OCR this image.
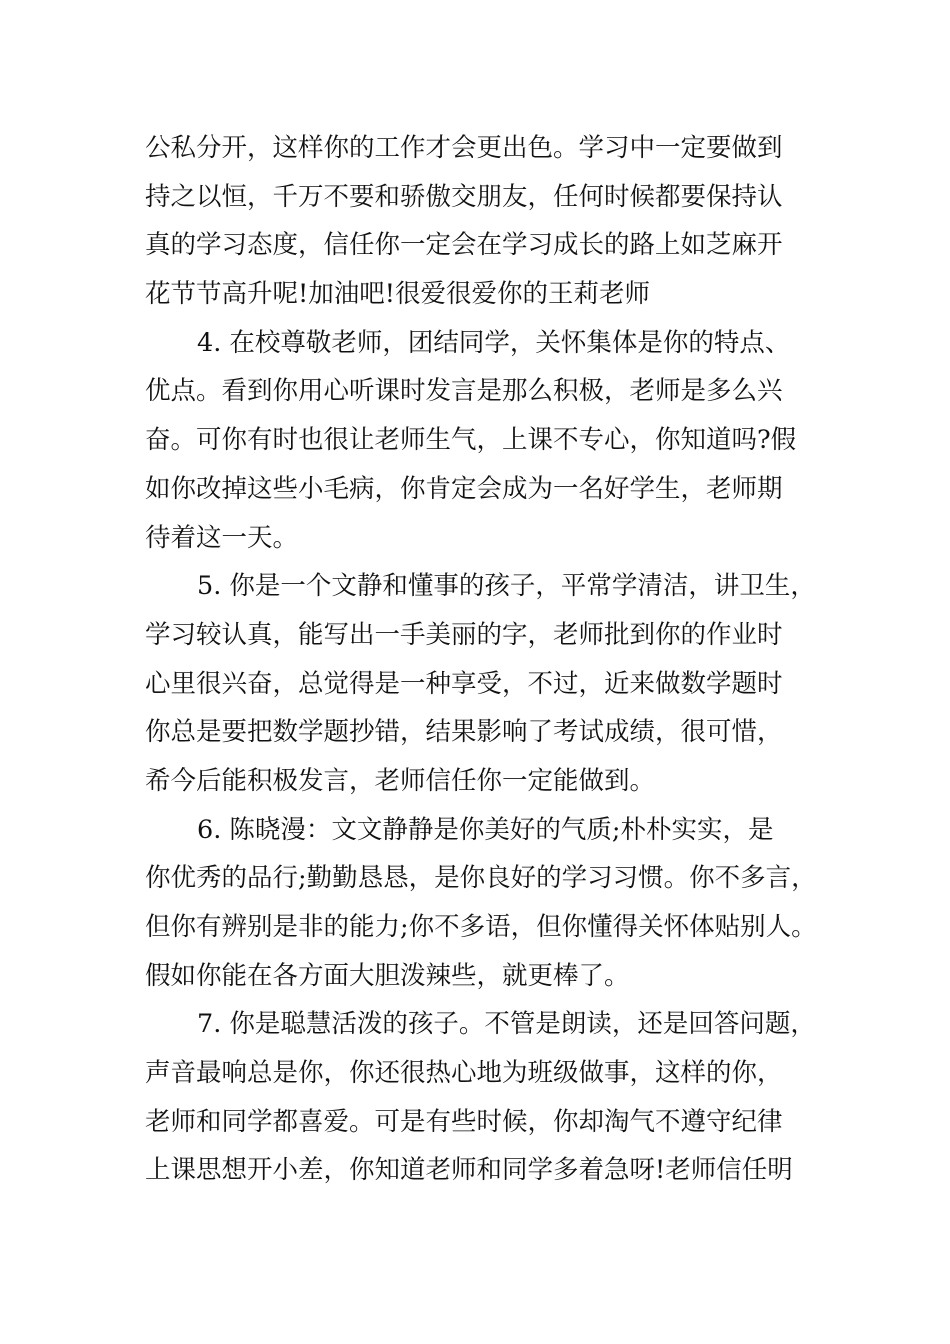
公私分开，这样你的工作才会更出色。学习中一定要做到
持之以恒，千万不要和骄傲交朋友，任何时候都要保持认
真的学习态度，信任你一定会在学习成长的路上如芝麻开
花节节高升呢!加油吧!很爱很爱你的王莉老师
4. 在校尊敬老师，团结同学，关怀集体是你的特点、
优点。看到你用心听课时发言是那么积极，老师是多么兴
奋。可你有时也很让老师生气，上课不专心，你知道吗?假
如你改掉这些小毛病，你肯定会成为一名好学生，老师期
待着这一天。
5. 你是一个文静和懂事的孩子，平常学清洁，讲卫生，
学习较认真，能写出一手美丽的字，老师批到你的作业时
心里很兴奋，总觉得是一种享受，不过，近来做数学题时
你总是要把数学题抄错，结果影响了考试成绩，很可惜，
希今后能积极发言，老师信任你一定能做到。
6. 陈晓漫：文文静静是你美好的气质;朴朴实实，是
你优秀的品行;勤勤恳恳，是你良好的学习习惯。你不多言，
但你有辨别是非的能力;你不多语，但你懂得关怀体贴别人。
假如你能在各方面大胆泼辣些，就更棒了。
7. 你是聪慧活泼的孩子。不管是朗读，还是回答问题，
声音最响总是你，你还很热心地为班级做事，这样的你，
老师和同学都喜爱。可是有些时候，你却淘气不遵守纪律
上课思想开小差，你知道老师和同学多着急呀!老师信任明
